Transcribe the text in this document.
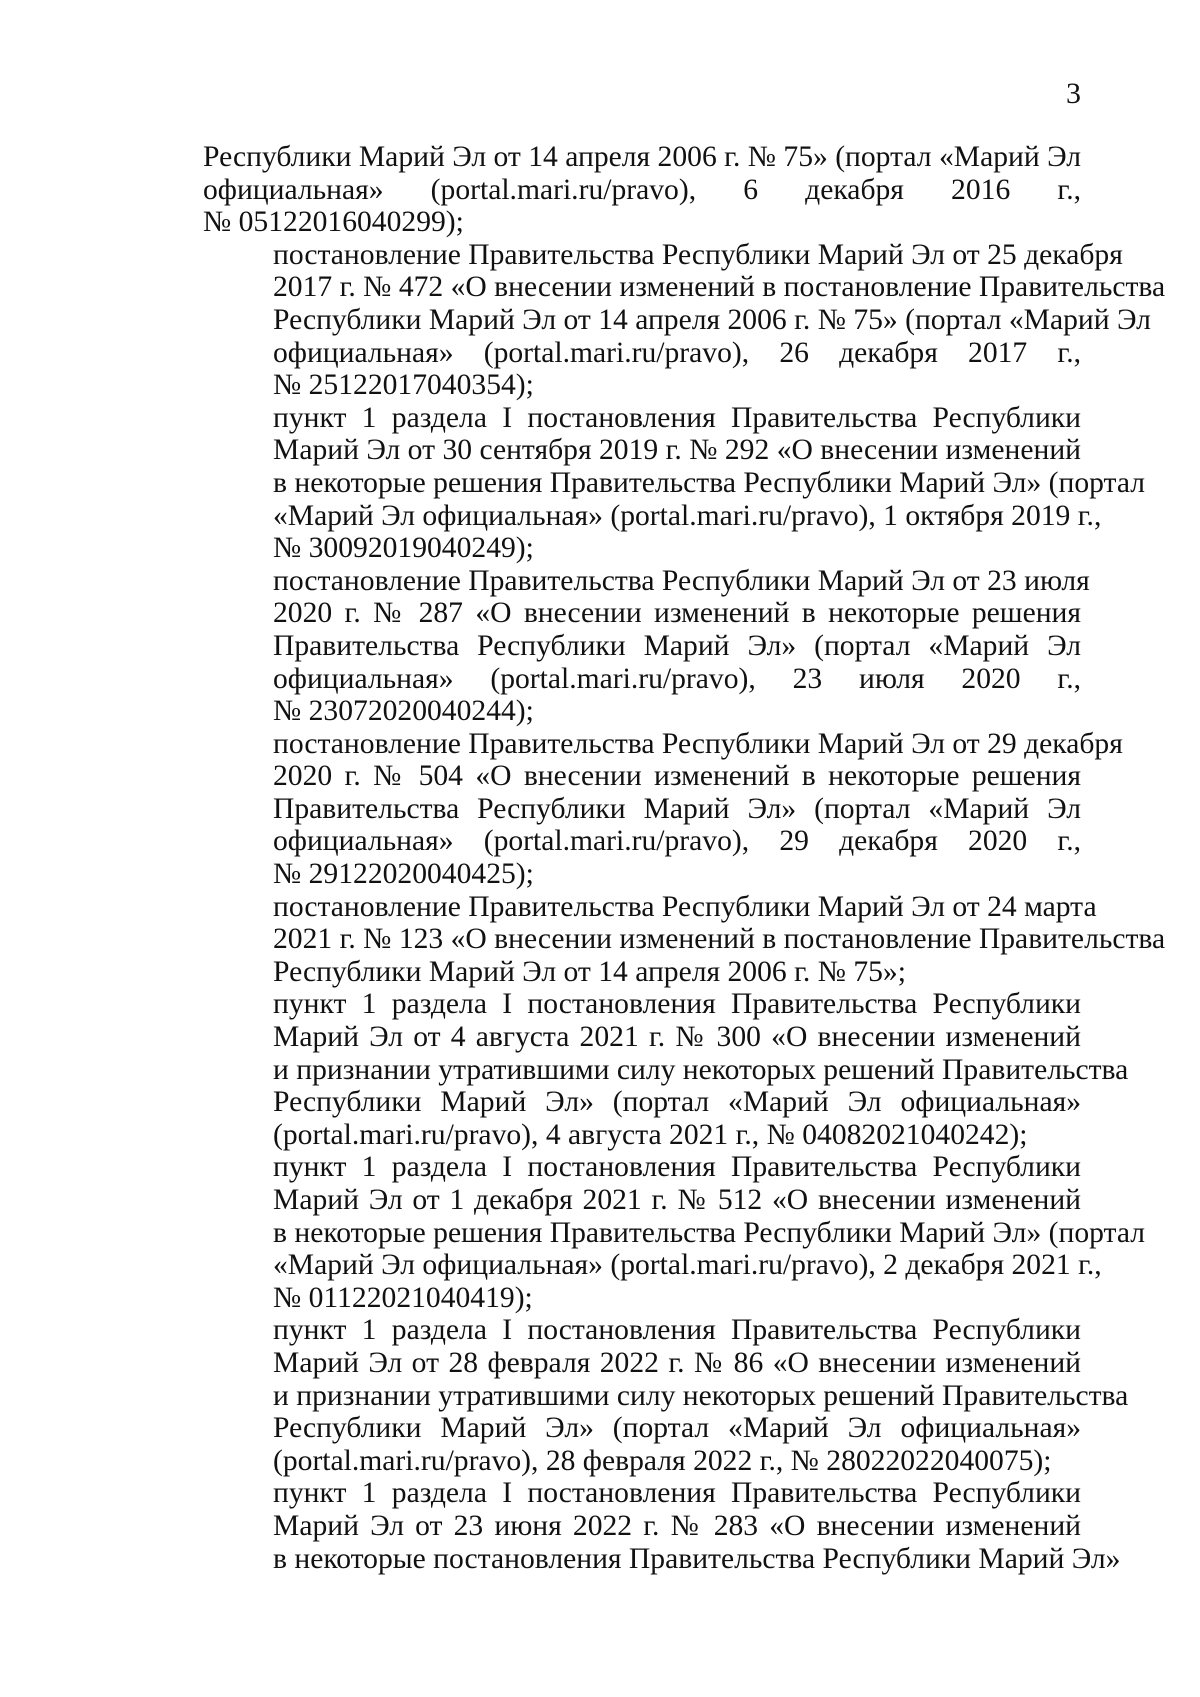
3

Республики Марий Эл от 14 апреля 2006 г. № 75» (портал «Марий Эл
официальная» (portal.mari.ru/pravo), 6 декабря 2016 г.,
№ 05122016040299);

постановление Правительства Республики Марий Эл от 25 декабря
2017 г. № 472 «О внесении изменений в постановление Правительства
Республики Марий Эл от 14 апреля 2006 г. № 75» (портал «Марий Эл
официальная» (portal.mari.ru/pravo), 26 декабря 2017 г.,
№ 25122017040354);

пункт 1 раздела I постановления Правительства Республики
Марий Эл от 30 сентября 2019 г. № 292 «О внесении изменений
в некоторые решения Правительства Республики Марий Эл» (портал
«Марий Эл официальная» (portal.mari.ru/pravo), 1 октября 2019 г.,
№ 30092019040249);

постановление Правительства Республики Марий Эл от 23 июля
2020 г. № 287 «О внесении изменений в некоторые решения
Правительства Республики Марий Эл» (портал «Марий Эл
официальная» (portal.mari.ru/pravo), 23 июля 2020 г.,
№ 23072020040244);

постановление Правительства Республики Марий Эл от 29 декабря
2020 г. № 504 «О внесении изменений в некоторые решения
Правительства Республики Марий Эл» (портал «Марий Эл
официальная» (portal.mari.ru/pravo), 29 декабря 2020 г.,
№ 29122020040425);

постановление Правительства Республики Марий Эл от 24 марта
2021 г. № 123 «О внесении изменений в постановление Правительства
Республики Марий Эл от 14 апреля 2006 г. № 75»;

пункт 1 раздела I постановления Правительства Республики
Марий Эл от 4 августа 2021 г. № 300 «О внесении изменений
и признании утратившими силу некоторых решений Правительства
Республики Марий Эл» (портал «Марий Эл официальная»
(portal.mari.ru/pravo), 4 августа 2021 г., № 04082021040242);

пункт 1 раздела I постановления Правительства Республики
Марий Эл от 1 декабря 2021 г. № 512 «О внесении изменений
в некоторые решения Правительства Республики Марий Эл» (портал
«Марий Эл официальная» (portal.mari.ru/pravo), 2 декабря 2021 г.,
№ 01122021040419);

пункт 1 раздела I постановления Правительства Республики
Марий Эл от 28 февраля 2022 г. № 86 «О внесении изменений
и признании утратившими силу некоторых решений Правительства
Республики Марий Эл» (портал «Марий Эл официальная»
(portal.mari.ru/pravo), 28 февраля 2022 г., № 28022022040075);

пункт 1 раздела I постановления Правительства Республики
Марий Эл от 23 июня 2022 г. № 283 «О внесении изменений
в некоторые постановления Правительства Республики Марий Эл»
